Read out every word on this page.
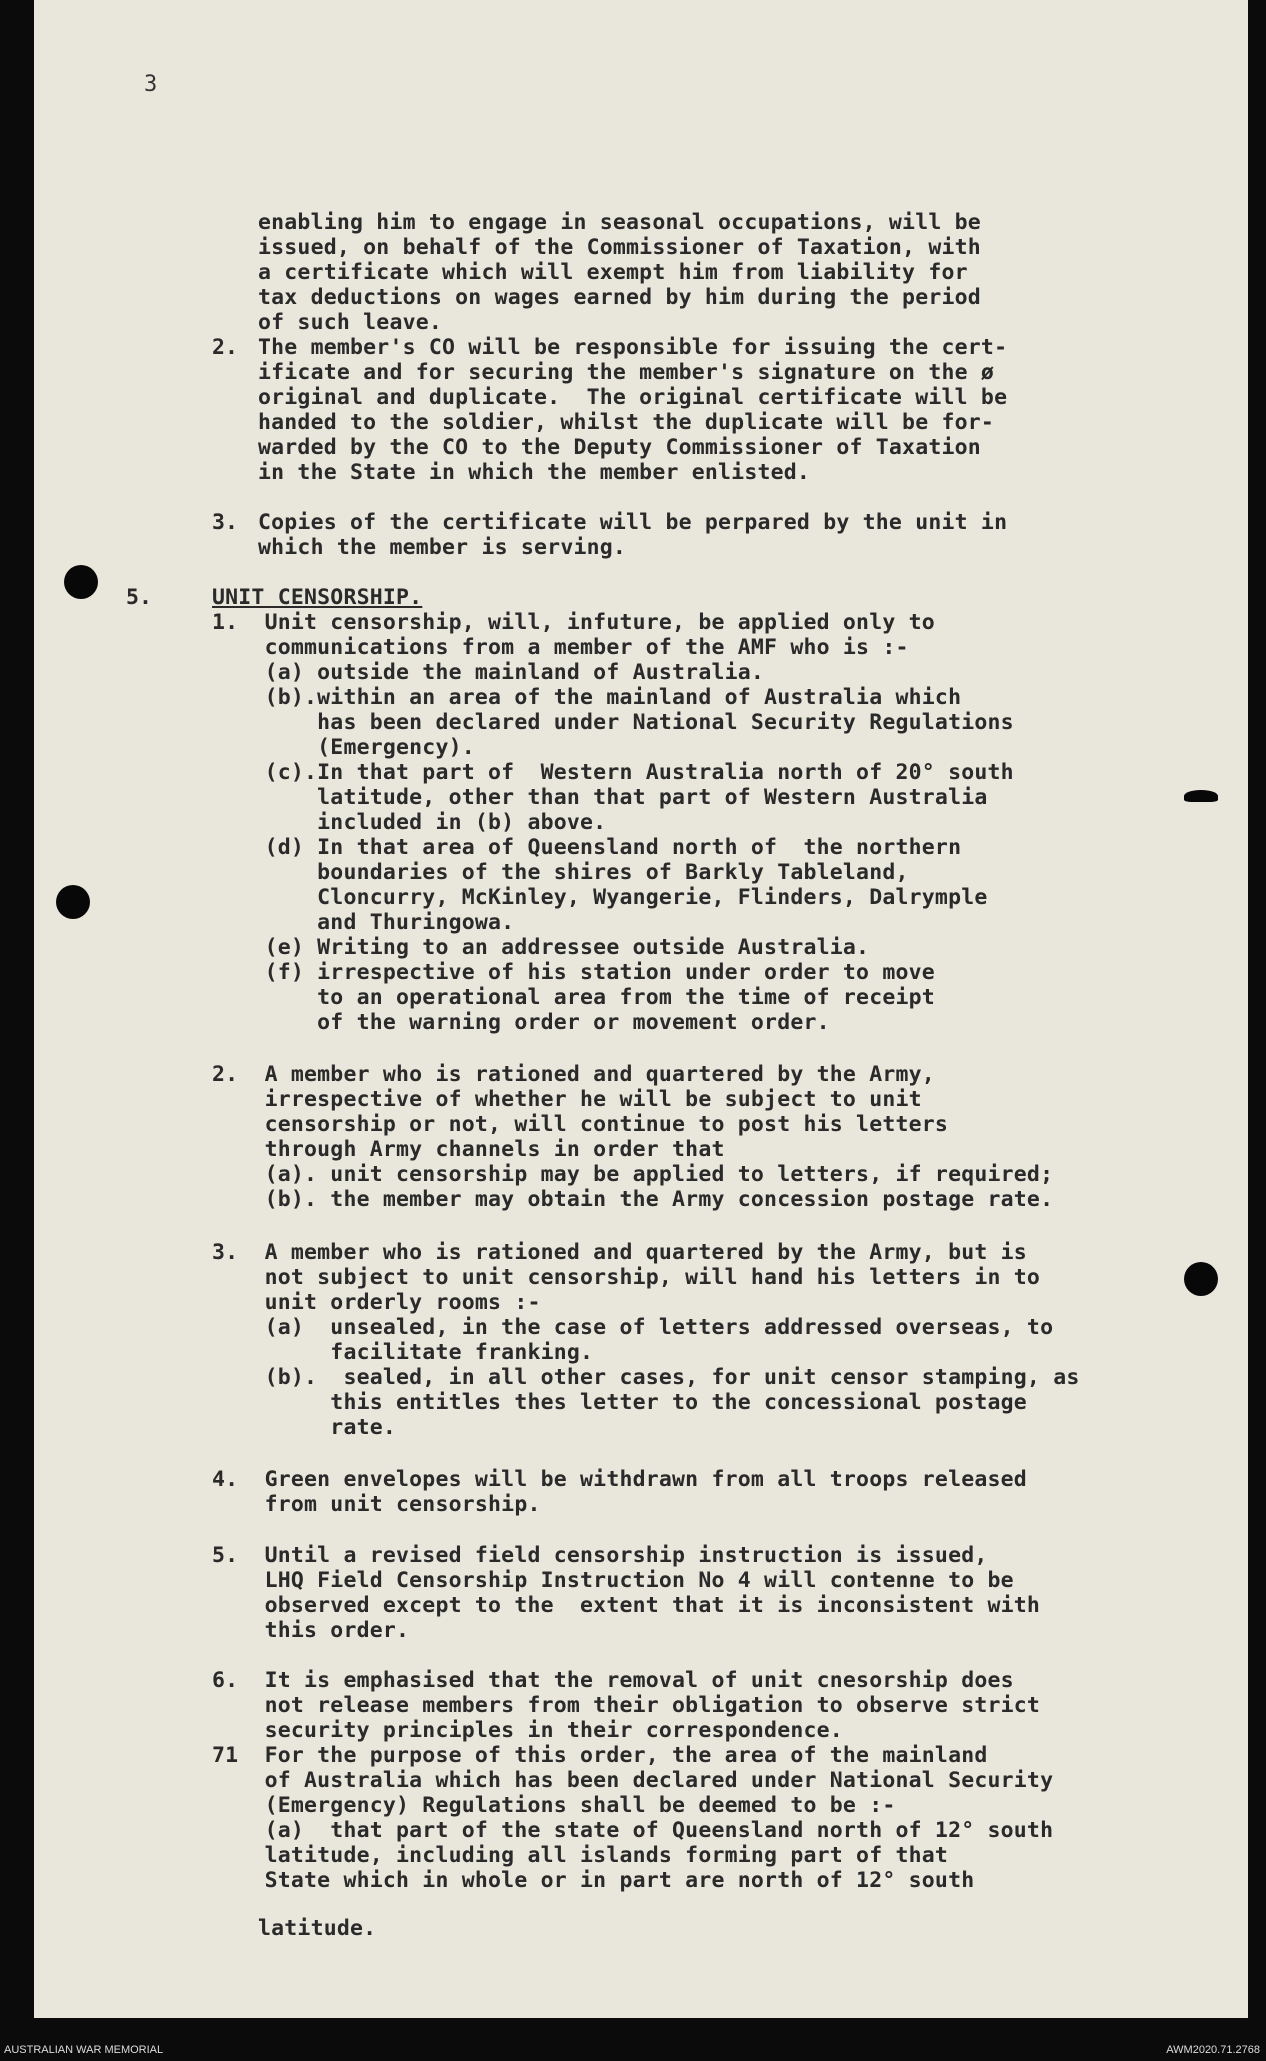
3
enabling him to engage in seasonal occupations, will be
issued, on behalf of the Commissioner of Taxation, with
a certificate which will exempt him from liability for
tax deductions on wages earned by him during the period
of such leave.
2. The member's CO will be responsible for issuing the cert-
ificate and for securing the member's signature on the ø
original and duplicate.  The original certificate will be
handed to the soldier, whilst the duplicate will be for-
warded by the CO to the Deputy Commissioner of Taxation
in the State in which the member enlisted.
3. Copies of the certificate will be perpared by the unit in
which the member is serving.
5.	UNIT CENSORSHIP.
1.  Unit censorship, will, infuture, be applied only to
communications from a member of the AMF who is :-
(a) outside the mainland of Australia.
(b).within an area of the mainland of Australia which
has been declared under National Security Regulations
(Emergency).
(c).In that part of  Western Australia north of 20° south
latitude, other than that part of Western Australia
included in (b) above.
(d) In that area of Queensland north of  the northern
boundaries of the shires of Barkly Tableland,
Cloncurry, McKinley, Wyangerie, Flinders, Dalrymple
and Thuringowa.
(e) Writing to an addressee outside Australia.
(f) irrespective of his station under order to move
to an operational area from the time of receipt
of the warning order or movement order.
2.  A member who is rationed and quartered by the Army,
irrespective of whether he will be subject to unit
censorship or not, will continue to post his letters
through Army channels in order that
(a). unit censorship may be applied to letters, if required;
(b). the member may obtain the Army concession postage rate.
3.  A member who is rationed and quartered by the Army, but is
not subject to unit censorship, will hand his letters in to
unit orderly rooms :-
(a)  unsealed, in the case of letters addressed overseas, to
facilitate franking.
(b).  sealed, in all other cases, for unit censor stamping, as
this entitles thes letter to the concessional postage
rate.
4.  Green envelopes will be withdrawn from all troops released
from unit censorship.
5.  Until a revised field censorship instruction is issued,
LHQ Field Censorship Instruction No 4 will contenne to be
observed except to the  extent that it is inconsistent with
this order.
6.  It is emphasised that the removal of unit cnesorship does
not release members from their obligation to observe strict
security principles in their correspondence.
71  For the purpose of this order, the area of the mainland
of Australia which has been declared under National Security
(Emergency) Regulations shall be deemed to be :-
(a)  that part of the state of Queensland north of 12° south
latitude, including all islands forming part of that
State which in whole or in part are north of 12° south
latitude.
AUSTRALIAN WAR MEMORIAL	AWM2020.71.2768
